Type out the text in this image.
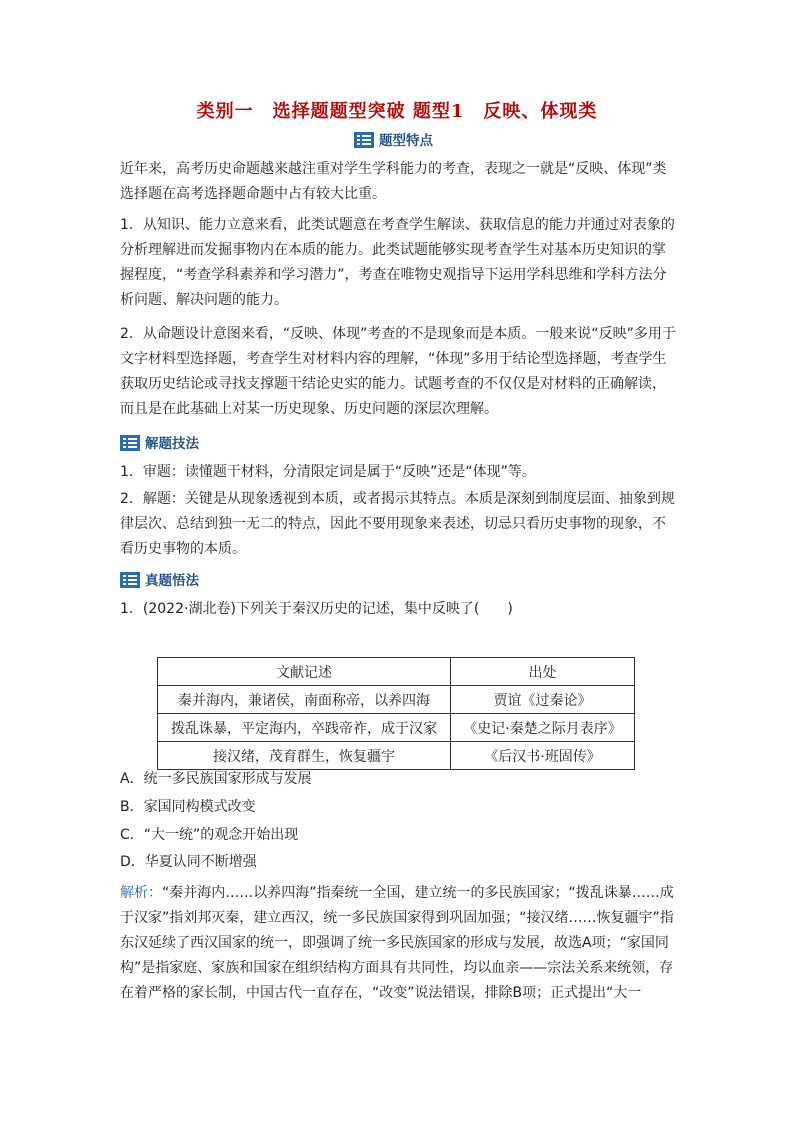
类别一　选择题题型突破 题型1　反映、体现类
题型特点
近年来，高考历史命题越来越注重对学生学科能力的考查，表现之一就是“反映、体现”类选择题在高考选择题命题中占有较大比重。
1．从知识、能力立意来看，此类试题意在考查学生解读、获取信息的能力并通过对表象的分析理解进而发掘事物内在本质的能力。此类试题能够实现考查学生对基本历史知识的掌握程度，“考查学科素养和学习潜力”，考查在唯物史观指导下运用学科思维和学科方法分析问题、解决问题的能力。
2．从命题设计意图来看，“反映、体现”考查的不是现象而是本质。一般来说“反映”多用于文字材料型选择题，考查学生对材料内容的理解，“体现”多用于结论型选择题，考查学生获取历史结论或寻找支撑题干结论史实的能力。试题考查的不仅仅是对材料的正确解读，而且是在此基础上对某一历史现象、历史问题的深层次理解。
解题技法
1．审题：读懂题干材料，分清限定词是属于“反映”还是“体现”等。
2．解题：关键是从现象透视到本质，或者揭示其特点。本质是深刻到制度层面、抽象到规律层次、总结到独一无二的特点，因此不要用现象来表述，切忌只看历史事物的现象，不看历史事物的本质。
真题悟法
1．(2022·湖北卷)下列关于秦汉历史的记述，集中反映了(　　)
文献记述	出处
秦并海内，兼诸侯，南面称帝，以养四海	贾谊《过秦论》
拨乱诛暴，平定海内，卒践帝祚，成于汉家	《史记·秦楚之际月表序》
接汉绪，茂育群生，恢复疆宇	《后汉书·班固传》
A．统一多民族国家形成与发展
B．家国同构模式改变
C．“大一统”的观念开始出现
D．华夏认同不断增强
解析：“秦并海内……以养四海”指秦统一全国，建立统一的多民族国家；“拨乱诛暴……成于汉家”指刘邦灭秦，建立西汉，统一多民族国家得到巩固加强；“接汉绪……恢复疆宇”指东汉延续了西汉国家的统一，即强调了统一多民族国家的形成与发展，故选A项；“家国同构”是指家庭、家族和国家在组织结构方面具有共同性，均以血亲——宗法关系来统领，存在着严格的家长制，中国古代一直存在，“改变”说法错误，排除B项；正式提出“大一
